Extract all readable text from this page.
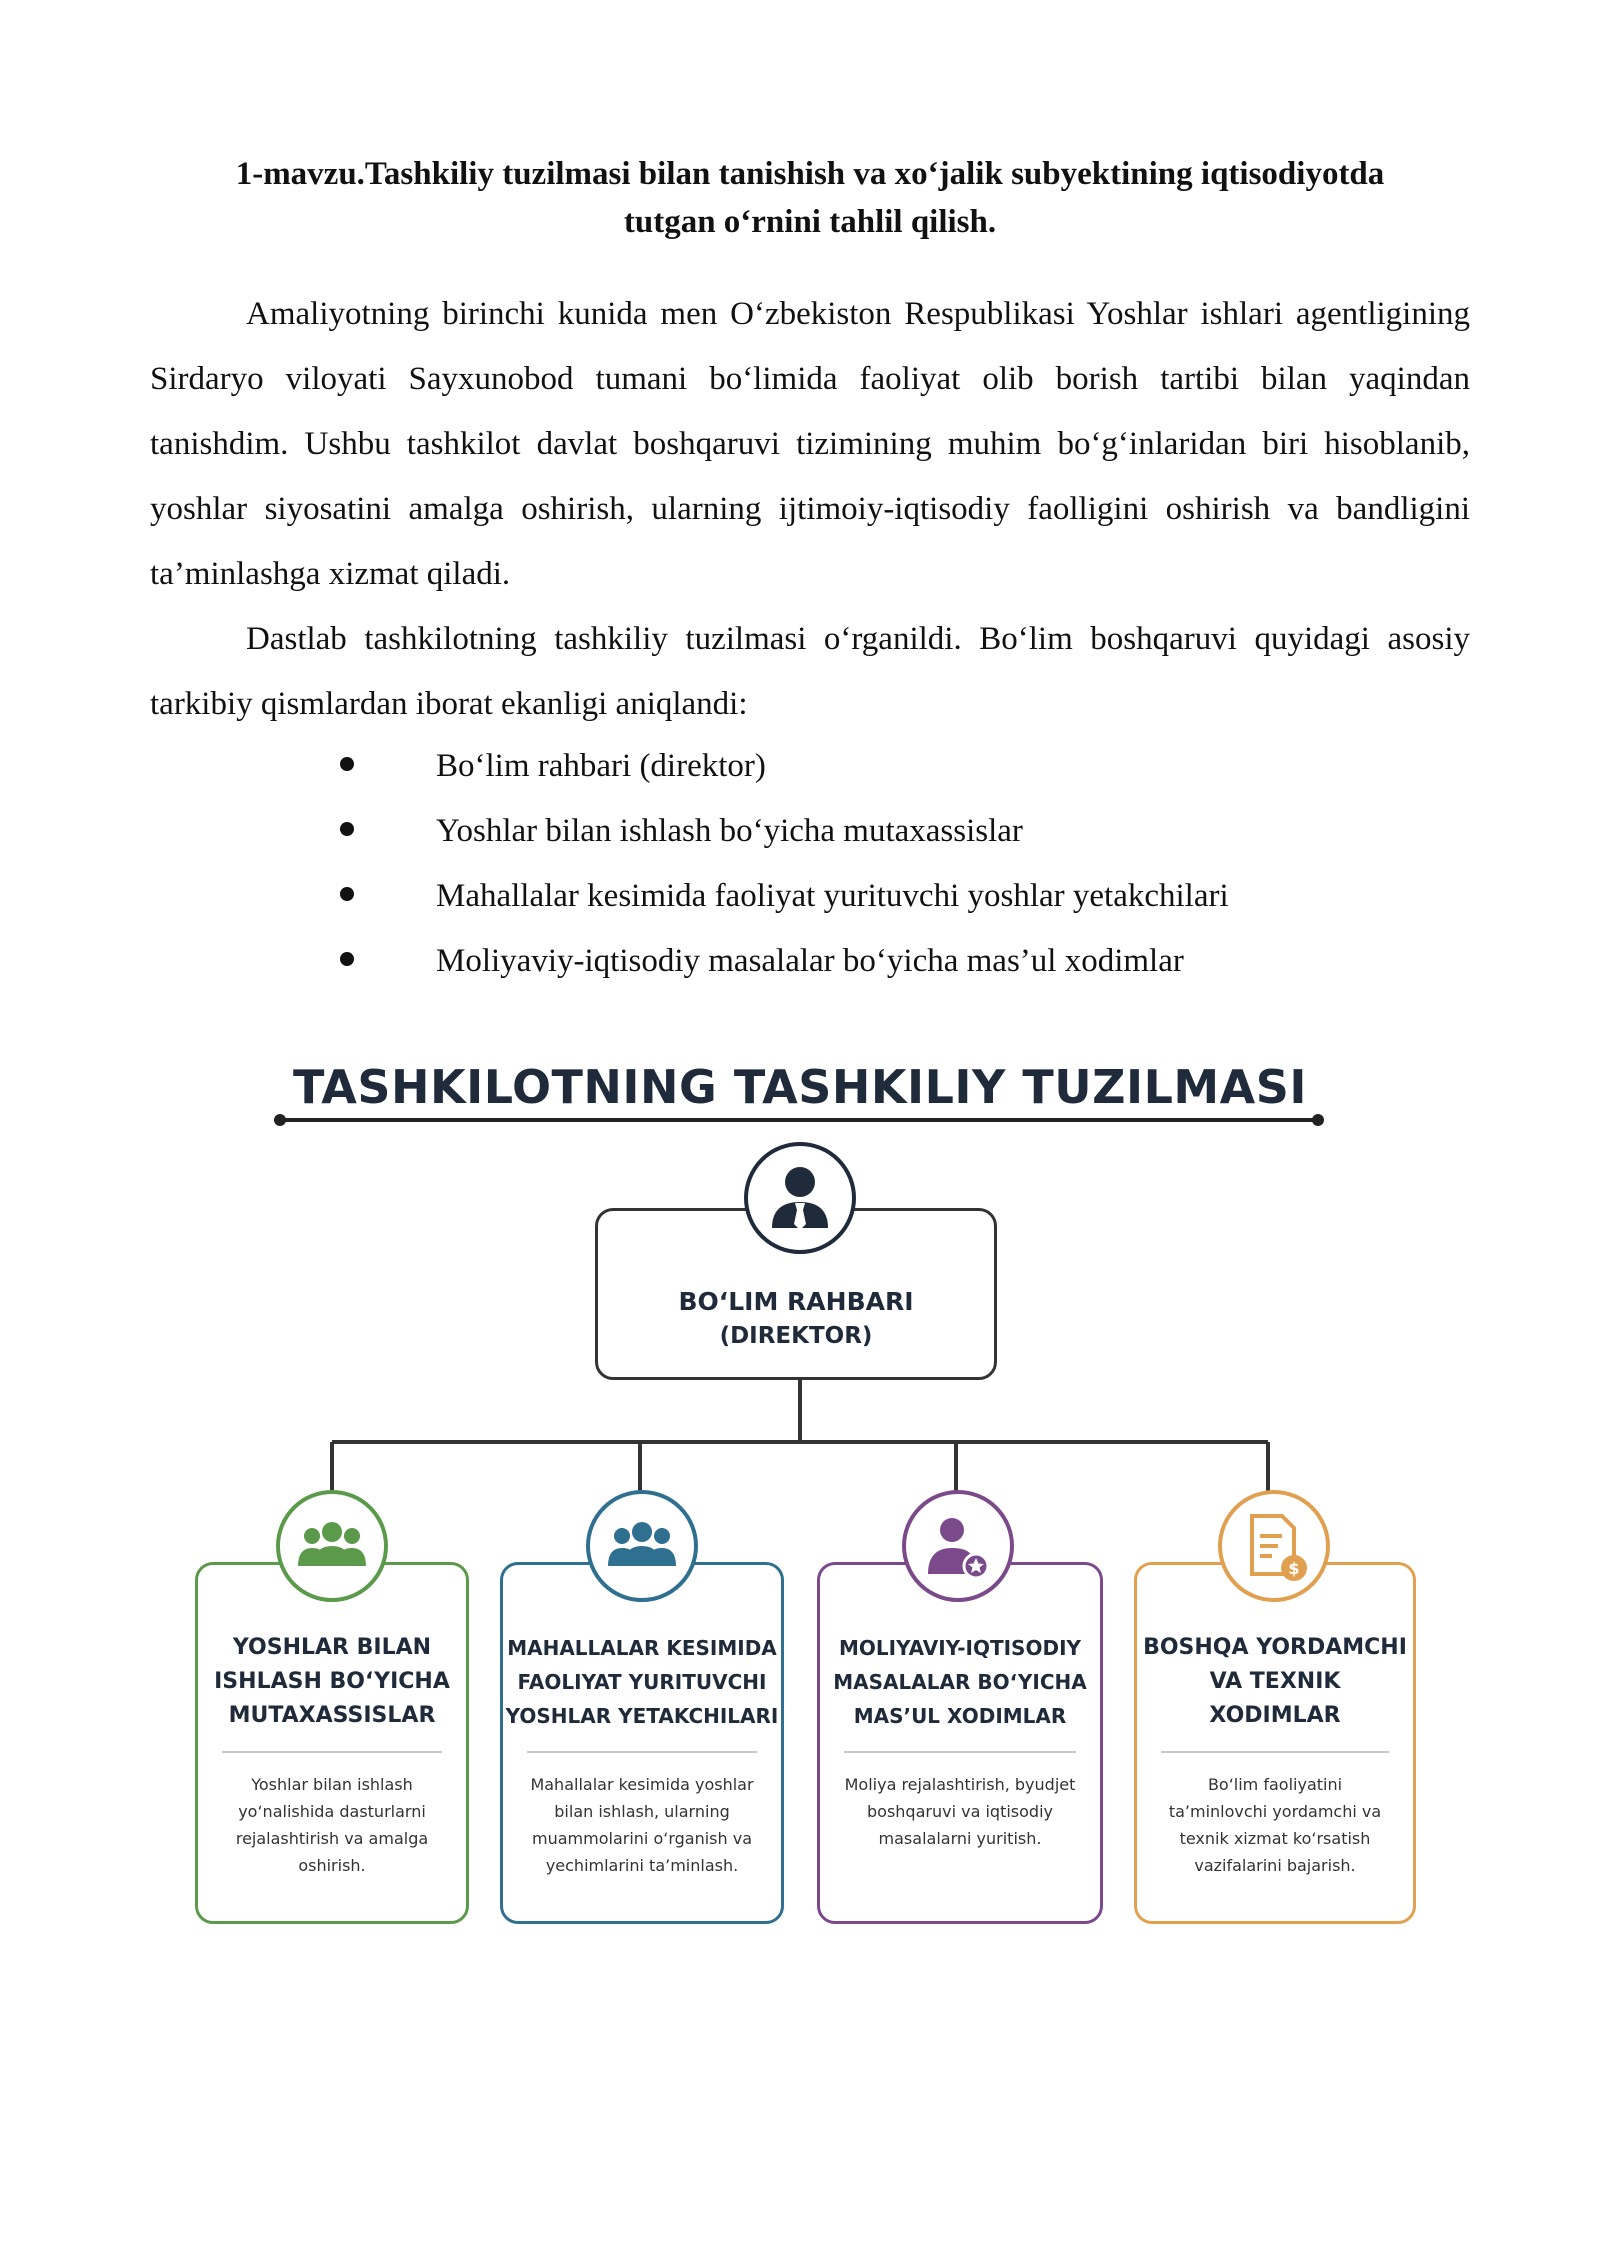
1-mavzu.Tashkiliy tuzilmasi bilan tanishish va xo‘jalik subyektining iqtisodiyotda
tutgan o‘rnini tahlil qilish.
Amaliyotning birinchi kunida men O‘zbekiston Respublikasi Yoshlar ishlari agentligining Sirdaryo viloyati Sayxunobod tumani bo‘limida faoliyat olib borish tartibi bilan yaqindan tanishdim. Ushbu tashkilot davlat boshqaruvi tizimining muhim bo‘g‘inlaridan biri hisoblanib, yoshlar siyosatini amalga oshirish, ularning ijtimoiy-iqtisodiy faolligini oshirish va bandligini ta’minlashga xizmat qiladi.
Dastlab tashkilotning tashkiliy tuzilmasi o‘rganildi. Bo‘lim boshqaruvi quyidagi asosiy tarkibiy qismlardan iborat ekanligi aniqlandi:
Bo‘lim rahbari (direktor)
Yoshlar bilan ishlash bo‘yicha mutaxassislar
Mahallalar kesimida faoliyat yurituvchi yoshlar yetakchilari
Moliyaviy-iqtisodiy masalalar bo‘yicha mas’ul xodimlar
TASHKILOTNING TASHKILIY TUZILMASI
BO‘LIM RAHBARI
(DIREKTOR)
YOSHLAR BILAN
ISHLASH BO‘YICHA
MUTAXASSISLAR
Yoshlar bilan ishlash yo‘nalishida dasturlarni rejalashtirish va amalga oshirish.
MAHALLALAR KESIMIDA
FAOLIYAT YURITUVCHI
YOSHLAR YETAKCHILARI
Mahallalar kesimida yoshlar bilan ishlash, ularning muammolarini o‘rganish va yechimlarini ta’minlash.
MOLIYAVIY-IQTISODIY
MASALALAR BO‘YICHA
MAS’UL XODIMLAR
Moliya rejalashtirish, byudjet boshqaruvi va iqtisodiy masalalarni yuritish.
BOSHQA YORDAMCHI
VA TEXNIK
XODIMLAR
Bo‘lim faoliyatini ta’minlovchi yordamchi va texnik xizmat ko‘rsatish vazifalarini bajarish.
$
